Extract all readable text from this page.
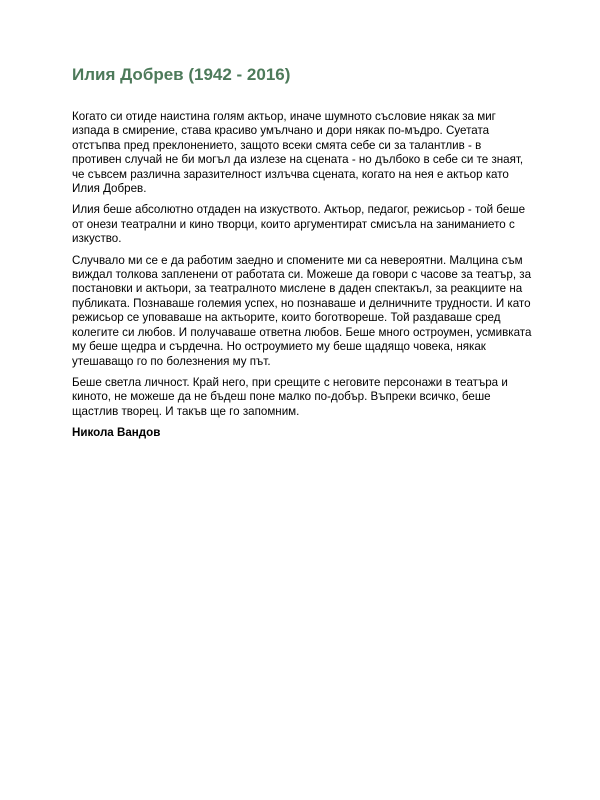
Илия Добрев (1942 - 2016)

Когато си отиде наистина голям актьор, иначе шумното съсловие някак за миг изпада в смирение, става красиво умълчано и дори някак по-мъдро. Суетата отстъпва пред преклонението, защото всеки смята себе си за талантлив - в противен случай не би могъл да излезе на сцената - но дълбоко в себе си те знаят, че съвсем различна заразителност излъчва сцената, когато на нея е актьор като Илия Добрев.

Илия беше абсолютно отдаден на изкуството. Актьор, педагог, режисьор - той беше от онези театрални и кино творци, които аргументират смисъла на заниманието с изкуство.

Случвало ми се е да работим заедно и спомените ми са невероятни. Малцина съм виждал толкова запленени от работата си. Можеше да говори с часове за театър, за постановки и актьори, за театралното мислене в даден спектакъл, за реакциите на публиката. Познаваше големия успех, но познаваше и делничните трудности. И като режисьор се уповаваше на актьорите, които боготвореше. Той раздаваше сред колегите си любов. И получаваше ответна любов. Беше много остроумен, усмивката му беше щедра и сърдечна. Но остроумието му беше щадящо човека, някак утешаващо го по болезнения му път.

Беше светла личност. Край него, при срещите с неговите персонажи в театъра и киното, не можеше да не бъдеш поне малко по-добър. Въпреки всичко, беше щастлив творец. И такъв ще го запомним.

Никола Вандов
